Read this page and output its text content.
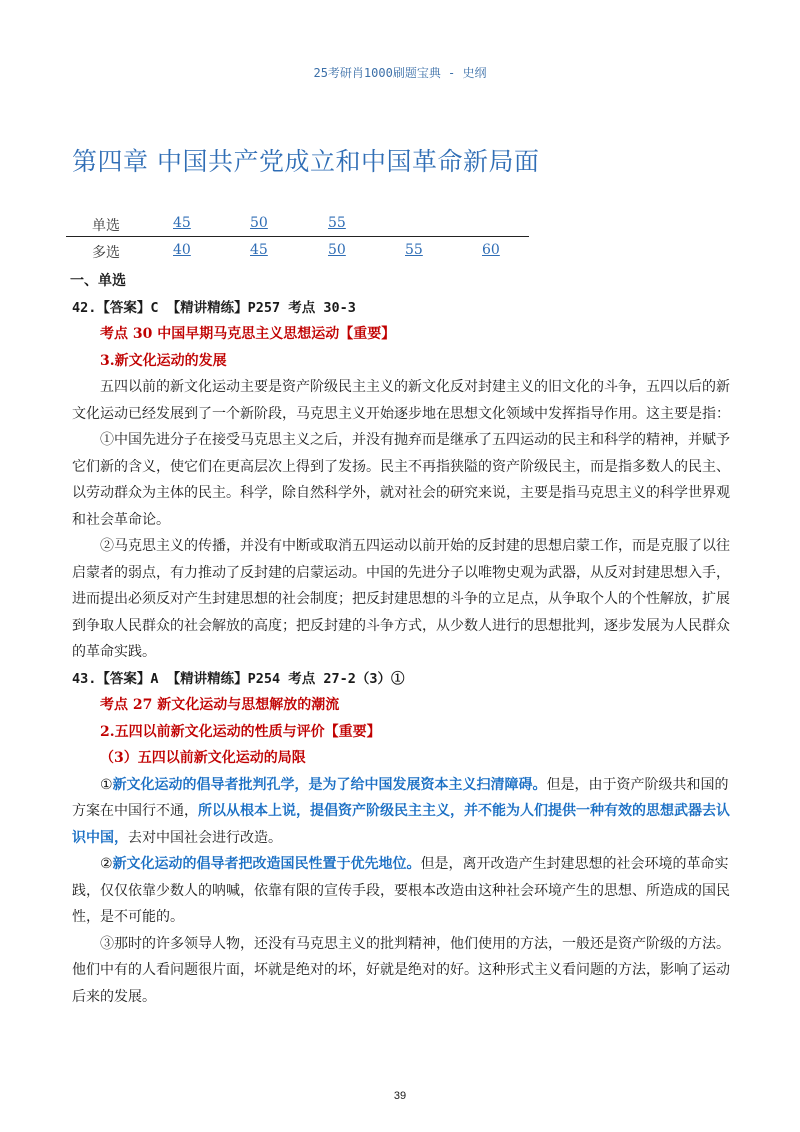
25考研肖1000刷题宝典 - 史纲
第四章 中国共产党成立和中国革命新局面
单选	45	50	55
多选	40	45	50	55	60
一、单选
42.【答案】C 【精讲精练】P257 考点 30-3
考点 30 中国早期马克思主义思想运动【重要】
3.新文化运动的发展

五四以前的新文化运动主要是资产阶级民主主义的新文化反对封建主义的旧文化的斗争，五四以后的新文化运动已经发展到了一个新阶段，马克思主义开始逐步地在思想文化领域中发挥指导作用。这主要是指：

①中国先进分子在接受马克思主义之后，并没有抛弃而是继承了五四运动的民主和科学的精神，并赋予它们新的含义，使它们在更高层次上得到了发扬。民主不再指狭隘的资产阶级民主，而是指多数人的民主、以劳动群众为主体的民主。科学，除自然科学外，就对社会的研究来说，主要是指马克思主义的科学世界观和社会革命论。

②马克思主义的传播，并没有中断或取消五四运动以前开始的反封建的思想启蒙工作，而是克服了以往启蒙者的弱点，有力推动了反封建的启蒙运动。中国的先进分子以唯物史观为武器，从反对封建思想入手，进而提出必须反对产生封建思想的社会制度；把反封建思想的斗争的立足点，从争取个人的个性解放，扩展到争取人民群众的社会解放的高度；把反封建的斗争方式，从少数人进行的思想批判，逐步发展为人民群众的革命实践。

43.【答案】A 【精讲精练】P254 考点 27-2（3）①
考点 27 新文化运动与思想解放的潮流
2.五四以前新文化运动的性质与评价【重要】
（3）五四以前新文化运动的局限

①新文化运动的倡导者批判孔学，是为了给中国发展资本主义扫清障碍。但是，由于资产阶级共和国的方案在中国行不通，所以从根本上说，提倡资产阶级民主主义，并不能为人们提供一种有效的思想武器去认识中国，去对中国社会进行改造。

②新文化运动的倡导者把改造国民性置于优先地位。但是，离开改造产生封建思想的社会环境的革命实践，仅仅依靠少数人的呐喊，依靠有限的宣传手段，要根本改造由这种社会环境产生的思想、所造成的国民性，是不可能的。

③那时的许多领导人物，还没有马克思主义的批判精神，他们使用的方法，一般还是资产阶级的方法。他们中有的人看问题很片面，坏就是绝对的坏，好就是绝对的好。这种形式主义看问题的方法，影响了运动后来的发展。

39
